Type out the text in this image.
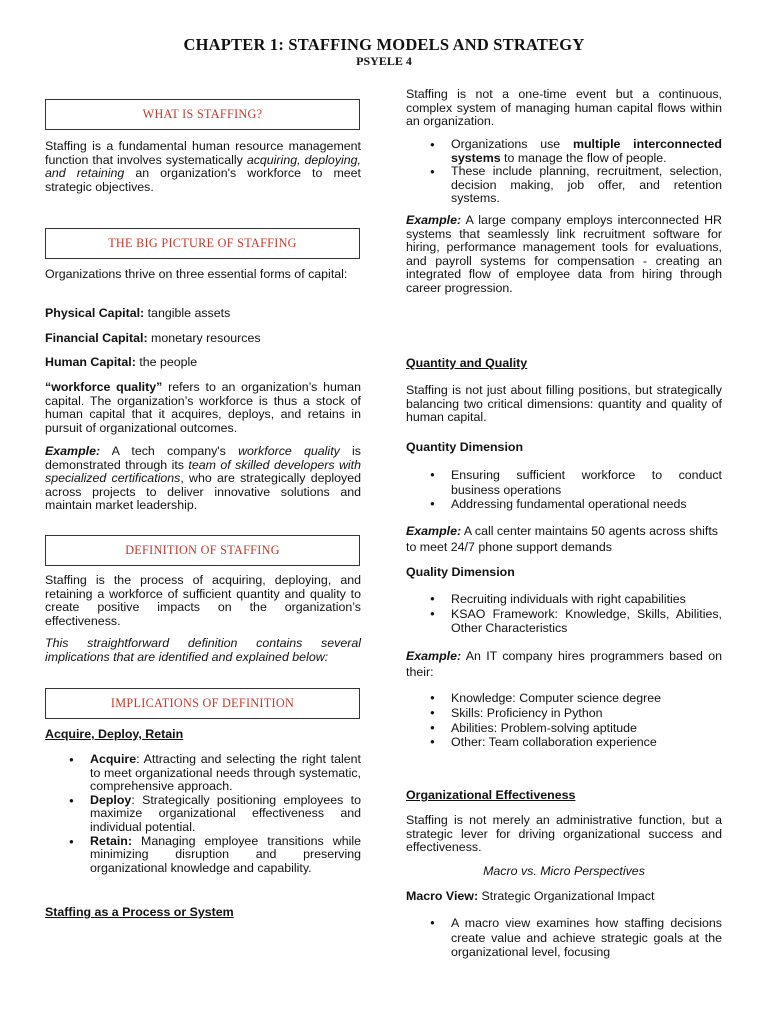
CHAPTER 1: STAFFING MODELS AND STRATEGY
PSYELE 4
WHAT IS STAFFING?

Staffing is a fundamental human resource management function that involves systematically acquiring, deploying, and retaining an organization's workforce to meet strategic objectives.

THE BIG PICTURE OF STAFFING

Organizations thrive on three essential forms of capital:

Physical Capital: tangible assets

Financial Capital: monetary resources

Human Capital: the people

“workforce quality” refers to an organization’s human capital. The organization’s workforce is thus a stock of human capital that it acquires, deploys, and retains in pursuit of organizational outcomes.

Example: A tech company's workforce quality is demonstrated through its team of skilled developers with specialized certifications, who are strategically deployed across projects to deliver innovative solutions and maintain market leadership.

DEFINITION OF STAFFING

Staffing is the process of acquiring, deploying, and retaining a workforce of sufficient quantity and quality to create positive impacts on the organization’s effectiveness.

This straightforward definition contains several implications that are identified and explained below:

IMPLICATIONS OF DEFINITION

Acquire, Deploy, Retain

● Acquire: Attracting and selecting the right talent to meet organizational needs through systematic, comprehensive approach.
● Deploy: Strategically positioning employees to maximize organizational effectiveness and individual potential.
● Retain: Managing employee transitions while minimizing disruption and preserving organizational knowledge and capability.

Staffing as a Process or System

Staffing is not a one-time event but a continuous, complex system of managing human capital flows within an organization.

● Organizations use multiple interconnected systems to manage the flow of people.
● These include planning, recruitment, selection, decision making, job offer, and retention systems.

Example: A large company employs interconnected HR systems that seamlessly link recruitment software for hiring, performance management tools for evaluations, and payroll systems for compensation - creating an integrated flow of employee data from hiring through career progression.

Quantity and Quality

Staffing is not just about filling positions, but strategically balancing two critical dimensions: quantity and quality of human capital.

Quantity Dimension

● Ensuring sufficient workforce to conduct business operations
● Addressing fundamental operational needs

Example: A call center maintains 50 agents across shifts to meet 24/7 phone support demands

Quality Dimension

● Recruiting individuals with right capabilities
● KSAO Framework: Knowledge, Skills, Abilities, Other Characteristics

Example: An IT company hires programmers based on their:

● Knowledge: Computer science degree
● Skills: Proficiency in Python
● Abilities: Problem-solving aptitude
● Other: Team collaboration experience

Organizational Effectiveness

Staffing is not merely an administrative function, but a strategic lever for driving organizational success and effectiveness.

Macro vs. Micro Perspectives

Macro View: Strategic Organizational Impact

● A macro view examines how staffing decisions create value and achieve strategic goals at the organizational level, focusing
